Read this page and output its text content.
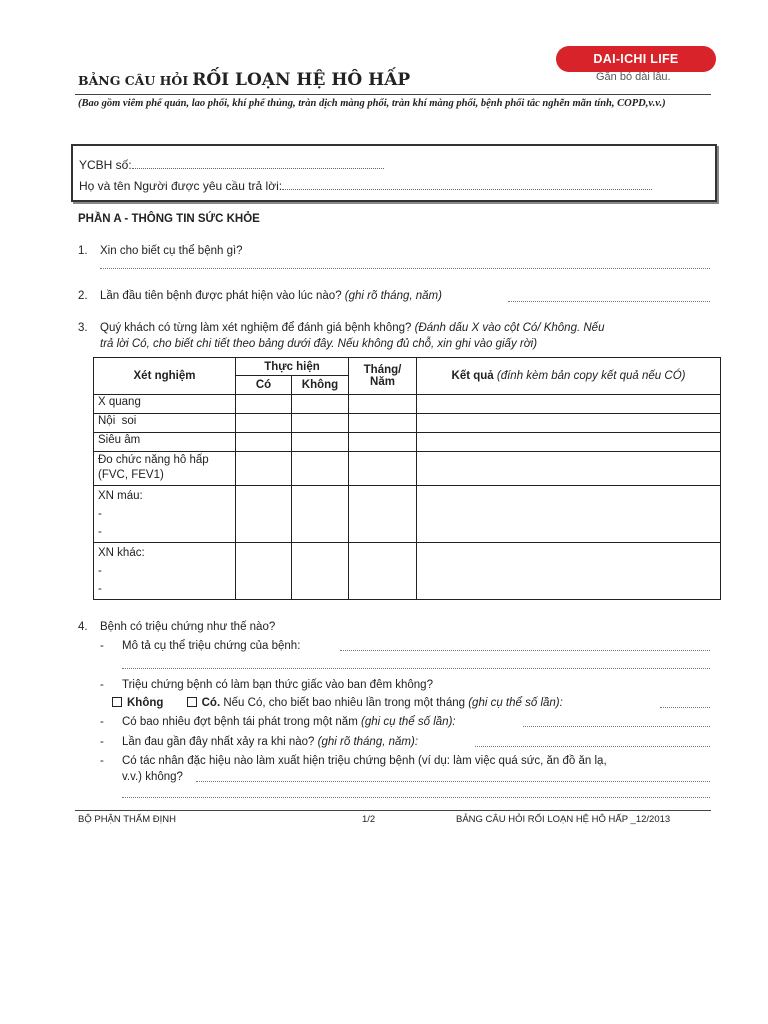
DAI-ICHI LIFE
Gắn bó dài lâu.
BẢNG CÂU HỎI RỐI LOẠN HỆ HÔ HẤP
(Bao gồm viêm phế quản, lao phổi, khí phế thủng, tràn dịch màng phổi, tràn khí màng phổi, bệnh phổi tắc nghẽn mãn tính, COPD,v.v.)
YCBH số:
Họ và tên Người được yêu cầu trả lời:
PHẦN A - THÔNG TIN SỨC KHỎE
1. Xin cho biết cụ thể bệnh gì?
2. Lần đầu tiên bệnh được phát hiện vào lúc nào? (ghi rõ tháng, năm)
3. Quý khách có từng làm xét nghiệm để đánh giá bệnh không? (Đánh dấu X vào cột Có/ Không. Nếu
trả lời Có, cho biết chi tiết theo bảng dưới đây. Nếu không đủ chỗ, xin ghi vào giấy rời)
Xét nghiệm	Thực hiện		Tháng/ Năm	Kết quả (đính kèm bản copy kết quả nếu CÓ)
	Có	Không		
X quang				
Nội  soi				
Siêu âm				
Đo chức năng hô hấp (FVC, FEV1)				

XN máu:
-
-				

XN khác:
-
-				

4. Bệnh có triệu chứng như thế nào?
- Mô tả cụ thể triệu chứng của bệnh:
- Triệu chứng bệnh có làm bạn thức giấc vào ban đêm không?
Không	Có. Nếu Có, cho biết bao nhiêu lần trong một tháng (ghi cụ thể số lần):
- Có bao nhiêu đợt bệnh tái phát trong một năm (ghi cụ thể số lần):
- Lần đau gần đây nhất xảy ra khi nào? (ghi rõ tháng, năm):
- Có tác nhân đặc hiệu nào làm xuất hiện triệu chứng bệnh (ví dụ: làm việc quá sức, ăn đồ ăn lạ,
v.v.) không?
BỘ PHẬN THẨM ĐỊNH	1/2	BẢNG CÂU HỎI RỐI LOẠN HỆ HÔ HẤP _12/2013
